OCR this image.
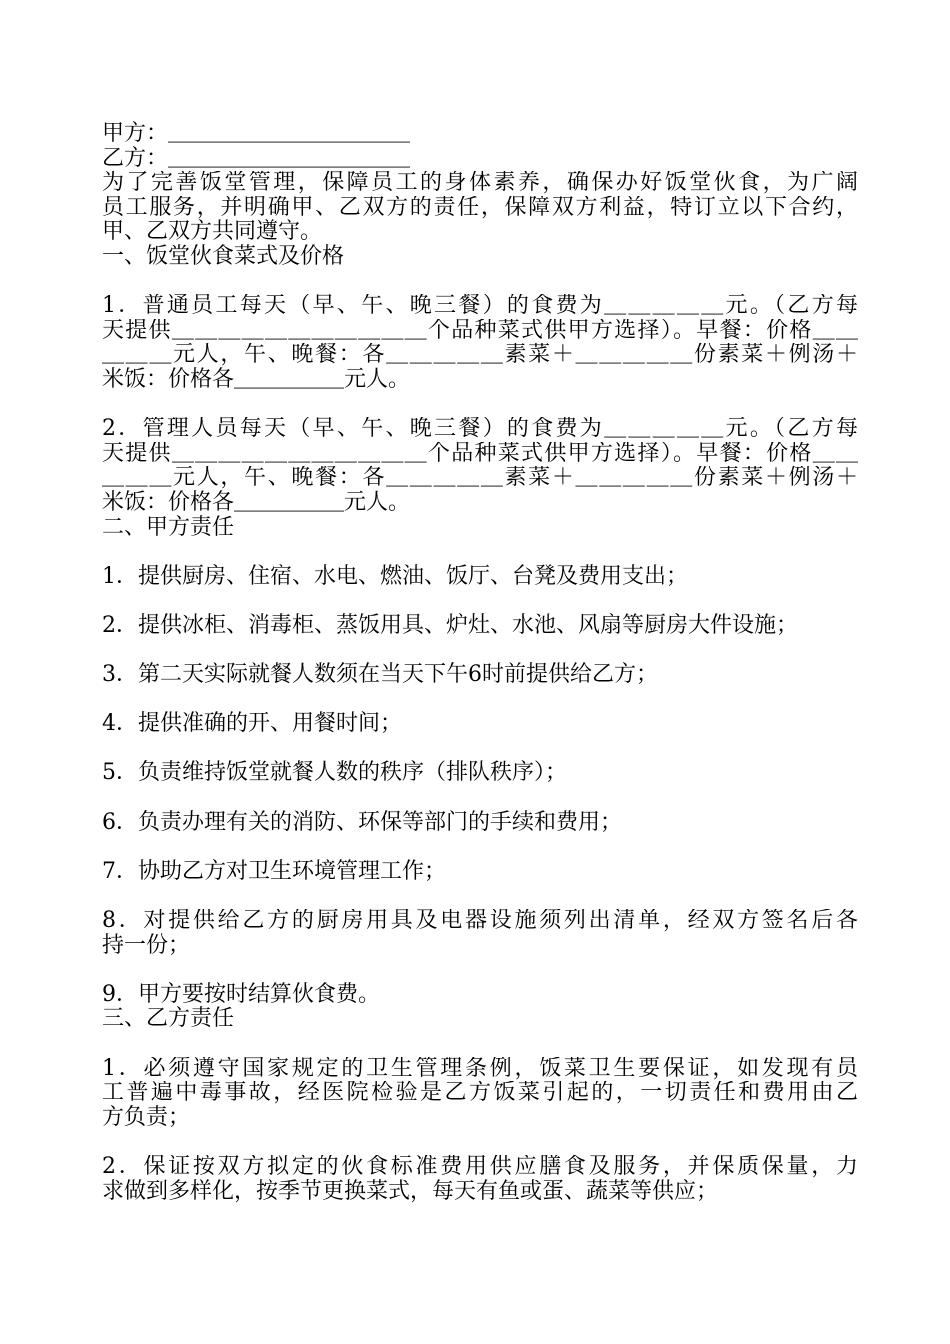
甲方：＿＿＿＿＿＿＿＿＿＿＿
乙方：＿＿＿＿＿＿＿＿＿＿＿
为了完善饭堂管理，保障员工的身体素养，确保办好饭堂伙食，为广阔
员工服务，并明确甲、乙双方的责任，保障双方利益，特订立以下合约，
甲、乙双方共同遵守。
一、饭堂伙食菜式及价格
1．普通员工每天（早、午、晚三餐）的食费为＿＿＿＿＿元。（乙方每
天提供＿＿＿＿＿＿＿＿＿＿＿个品种菜式供甲方选择）。早餐：价格＿＿
＿＿＿元人，午、晚餐：各＿＿＿＿＿素菜＋＿＿＿＿＿份素菜＋例汤＋
米饭：价格各＿＿＿＿＿元人。
2．管理人员每天（早、午、晚三餐）的食费为＿＿＿＿＿元。（乙方每
天提供＿＿＿＿＿＿＿＿＿＿＿个品种菜式供甲方选择）。早餐：价格＿＿
＿＿＿元人，午、晚餐：各＿＿＿＿＿素菜＋＿＿＿＿＿份素菜＋例汤＋
米饭：价格各＿＿＿＿＿元人。
二、甲方责任
1．提供厨房、住宿、水电、燃油、饭厅、台凳及费用支出；
2．提供冰柜、消毒柜、蒸饭用具、炉灶、水池、风扇等厨房大件设施；
3．第二天实际就餐人数须在当天下午6时前提供给乙方；
4．提供准确的开、用餐时间；
5．负责维持饭堂就餐人数的秩序（排队秩序）；
6．负责办理有关的消防、环保等部门的手续和费用；
7．协助乙方对卫生环境管理工作；
8．对提供给乙方的厨房用具及电器设施须列出清单，经双方签名后各
持一份；
9．甲方要按时结算伙食费。
三、乙方责任
1．必须遵守国家规定的卫生管理条例，饭菜卫生要保证，如发现有员
工普遍中毒事故，经医院检验是乙方饭菜引起的，一切责任和费用由乙
方负责；
2．保证按双方拟定的伙食标准费用供应膳食及服务，并保质保量，力
求做到多样化，按季节更换菜式，每天有鱼或蛋、蔬菜等供应；
